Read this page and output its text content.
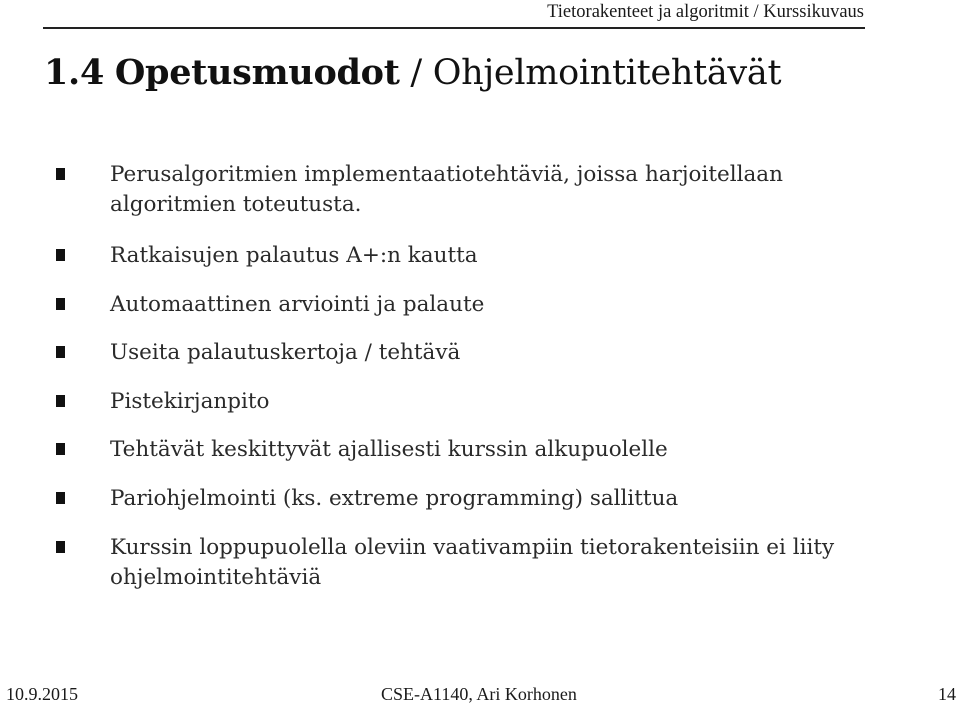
Tietorakenteet ja algoritmit / Kurssikuvaus
1.4 Opetusmuodot / Ohjelmointitehtävät
Perusalgoritmien implementaatiotehtäviä, joissa harjoitellaan
algoritmien toteutusta.
Ratkaisujen palautus A+:n kautta
Automaattinen arviointi ja palaute
Useita palautuskertoja / tehtävä
Pistekirjanpito
Tehtävät keskittyvät ajallisesti kurssin alkupuolelle
Pariohjelmointi (ks. extreme programming) sallittua
Kurssin loppupuolella oleviin vaativampiin tietorakenteisiin ei liity
ohjelmointitehtäviä
10.9.2015	CSE-A1140, Ari Korhonen	14
